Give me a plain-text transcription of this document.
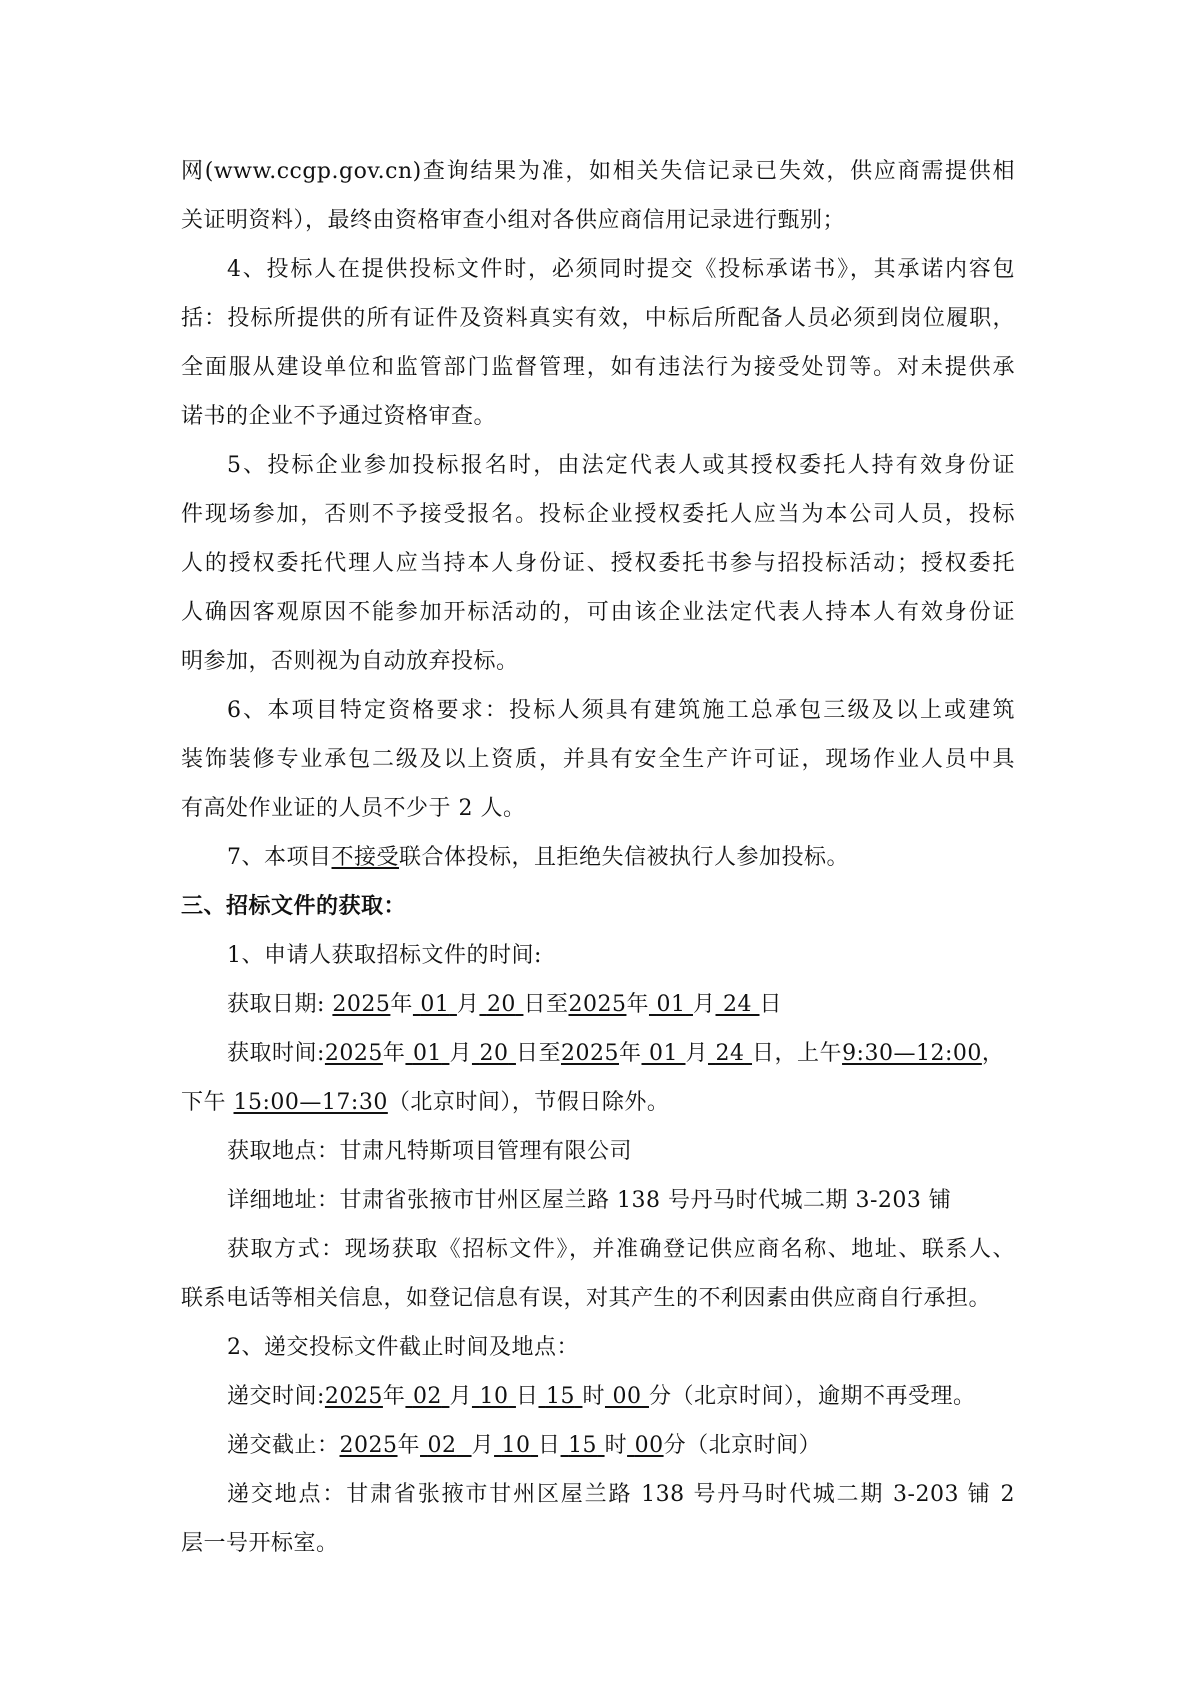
网(www.ccgp.gov.cn)查询结果为准，如相关失信记录已失效，供应商需提供相
关证明资料），最终由资格审查小组对各供应商信用记录进行甄别；
4、投标人在提供投标文件时，必须同时提交《投标承诺书》，其承诺内容包
括：投标所提供的所有证件及资料真实有效，中标后所配备人员必须到岗位履职，
全面服从建设单位和监管部门监督管理，如有违法行为接受处罚等。对未提供承
诺书的企业不予通过资格审查。
5、投标企业参加投标报名时，由法定代表人或其授权委托人持有效身份证
件现场参加，否则不予接受报名。投标企业授权委托人应当为本公司人员，投标
人的授权委托代理人应当持本人身份证、授权委托书参与招投标活动；授权委托
人确因客观原因不能参加开标活动的，可由该企业法定代表人持本人有效身份证
明参加，否则视为自动放弃投标。
6、本项目特定资格要求：投标人须具有建筑施工总承包三级及以上或建筑
装饰装修专业承包二级及以上资质，并具有安全生产许可证，现场作业人员中具
有高处作业证的人员不少于 2 人。
7、本项目不接受联合体投标，且拒绝失信被执行人参加投标。
三、招标文件的获取：
1、申请人获取招标文件的时间:
获取日期: 2025年 01 月 20 日至2025年 01 月 24 日
获取时间:2025年 01 月 20 日至2025年 01 月 24 日，上午9:30—12:00，
下午 15:00—17:30（北京时间），节假日除外。
获取地点：甘肃凡特斯项目管理有限公司
详细地址：甘肃省张掖市甘州区屋兰路 138 号丹马时代城二期 3-203 铺
获取方式：现场获取《招标文件》，并准确登记供应商名称、地址、联系人、
联系电话等相关信息，如登记信息有误，对其产生的不利因素由供应商自行承担。
2、递交投标文件截止时间及地点：
递交时间:2025年 02 月 10 日 15 时 00 分（北京时间），逾期不再受理。
递交截止：2025年 02 月 10 日 15 时 00分（北京时间）
递交地点：甘肃省张掖市甘州区屋兰路 138 号丹马时代城二期 3-203 铺 2
层一号开标室。
